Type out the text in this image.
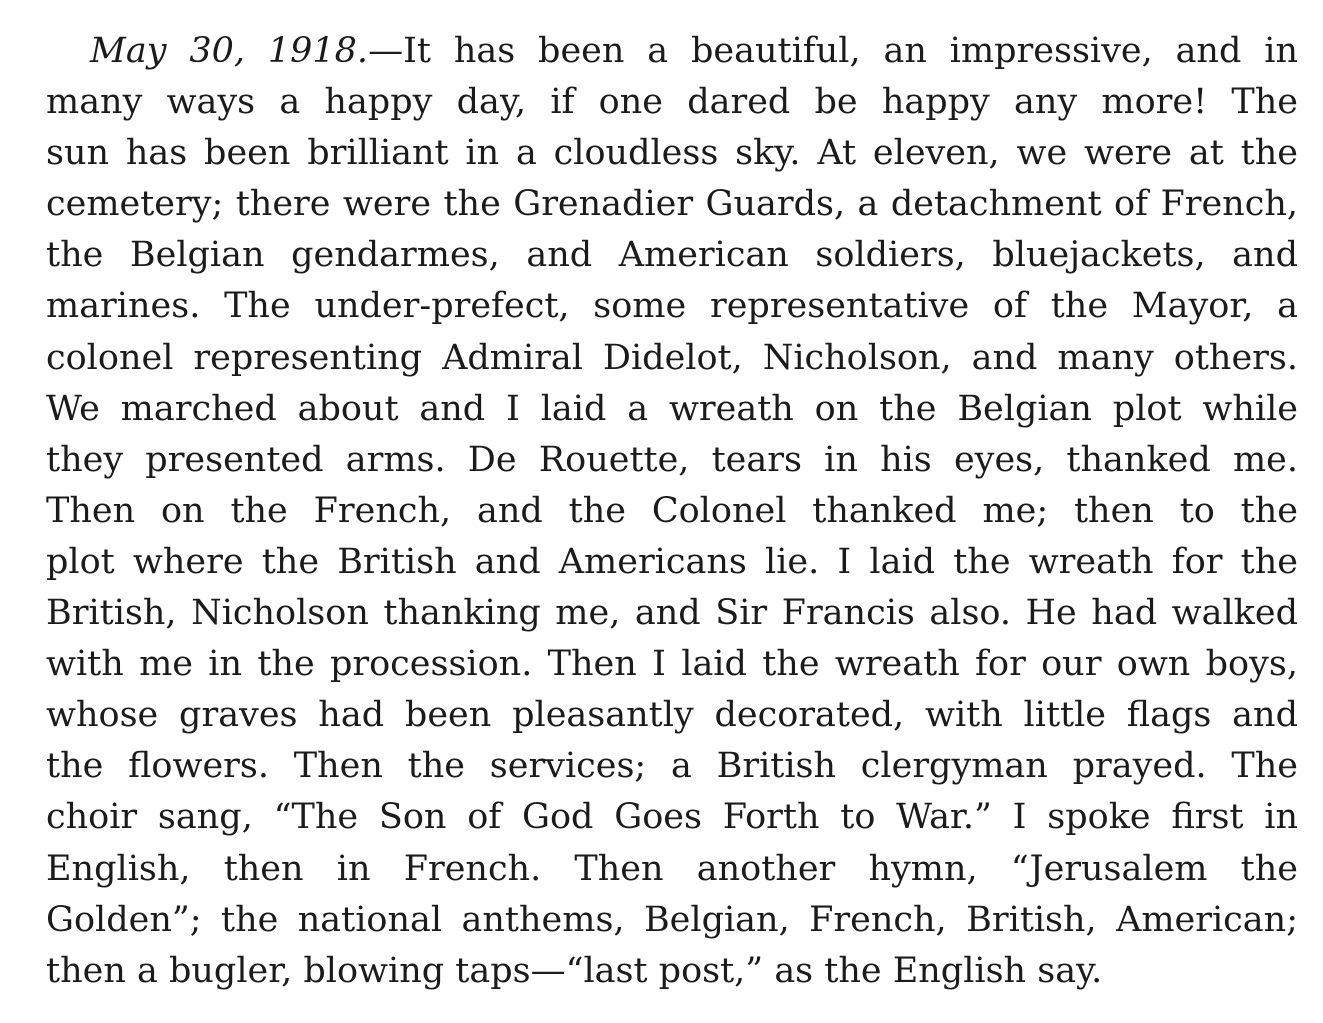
May 30, 1918.—It has been a beautiful, an impressive, and in
many ways a happy day, if one dared be happy any more! The
sun has been brilliant in a cloudless sky. At eleven, we were at the
cemetery; there were the Grenadier Guards, a detachment of French,
the Belgian gendarmes, and American soldiers, bluejackets, and
marines. The under-prefect, some representative of the Mayor, a
colonel representing Admiral Didelot, Nicholson, and many others.
We marched about and I laid a wreath on the Belgian plot while
they presented arms. De Rouette, tears in his eyes, thanked me.
Then on the French, and the Colonel thanked me; then to the
plot where the British and Americans lie. I laid the wreath for the
British, Nicholson thanking me, and Sir Francis also. He had walked
with me in the procession. Then I laid the wreath for our own boys,
whose graves had been pleasantly decorated, with little flags and
the flowers. Then the services; a British clergyman prayed. The
choir sang, “The Son of God Goes Forth to War.” I spoke first in
English, then in French. Then another hymn, “Jerusalem the
Golden”; the national anthems, Belgian, French, British, American;
then a bugler, blowing taps—“last post,” as the English say.
